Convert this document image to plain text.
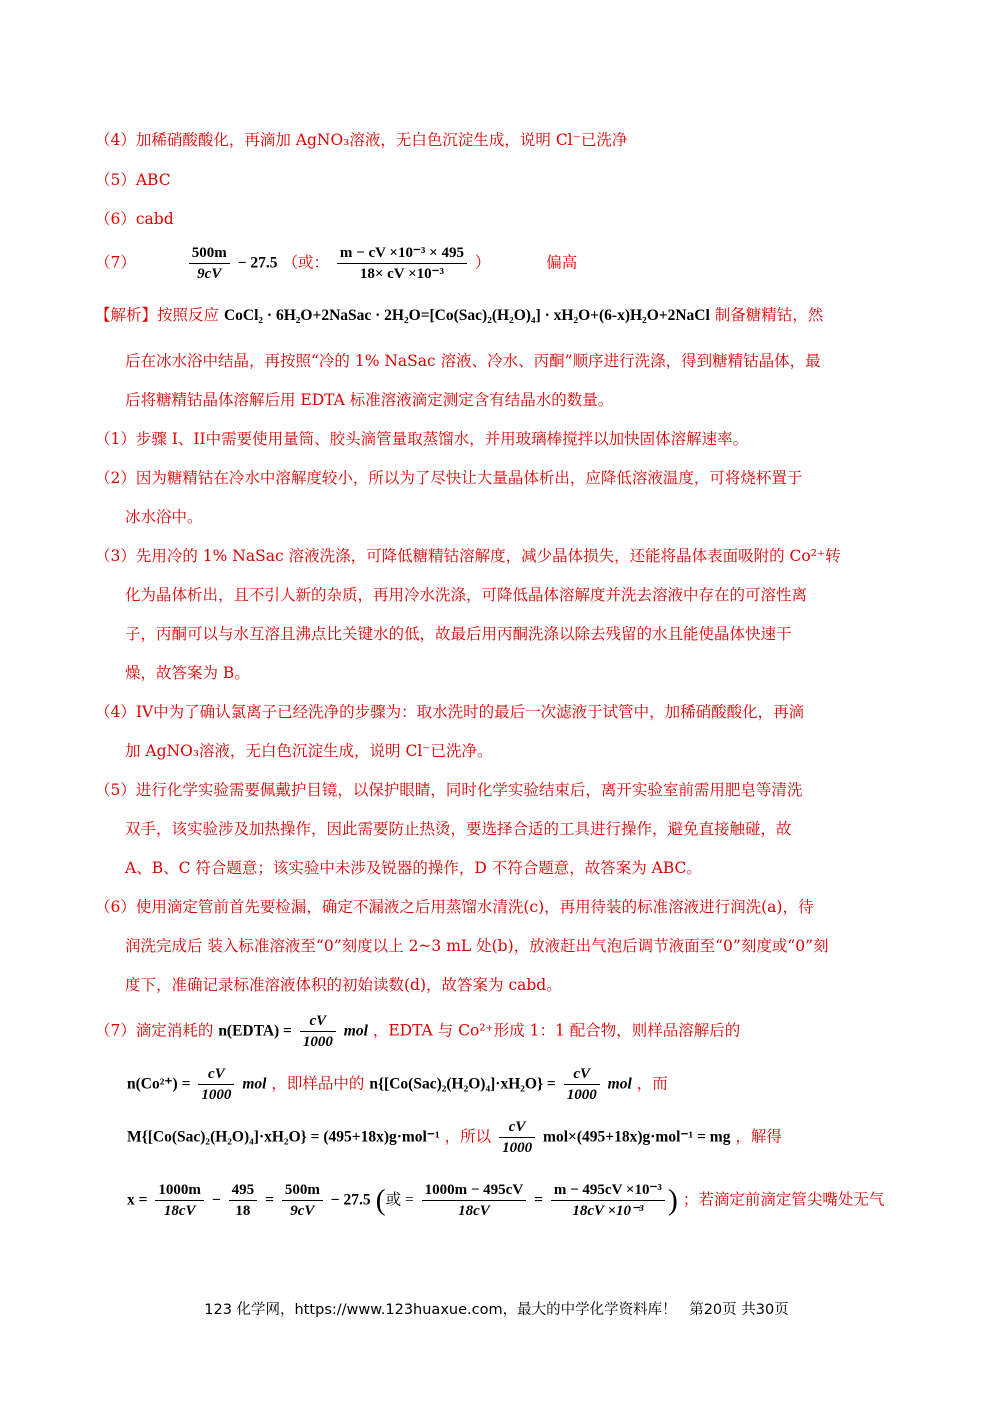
（4）加稀硝酸酸化，再滴加 AgNO₃溶液，无白色沉淀生成，说明 Cl⁻已洗净
（5）ABC
（6）cabd
（7）	$\frac{500m}{9cV} - 27.5$ （或： $\frac{\text{m − cV ×10⁻³ × 495}}{\text{18× cV ×10⁻³}}$ ）	偏高
【解析】按照反应 CoCl₂ · 6H₂O+2NaSac · 2H₂O=[Co(Sac)₂(H₂O)₄] · xH₂O+(6-x)H₂O+2NaCl 制备糖精钴，然
后在冰水浴中结晶，再按照“冷的 1% NaSac 溶液、冷水、丙酮”顺序进行洗涤，得到糖精钴晶体，最
后将糖精钴晶体溶解后用 EDTA 标准溶液滴定测定含有结晶水的数量。
（1）步骤 I、II中需要使用量筒、胶头滴管量取蒸馏水，并用玻璃棒搅拌以加快固体溶解速率。
（2）因为糖精钴在冷水中溶解度较小，所以为了尽快让大量晶体析出，应降低溶液温度，可将烧杯置于
冰水浴中。
（3）先用冷的 1% NaSac 溶液洗涤，可降低糖精钴溶解度，减少晶体损失，还能将晶体表面吸附的 Co²⁺转
化为晶体析出，且不引人新的杂质，再用冷水洗涤，可降低晶体溶解度并洗去溶液中存在的可溶性离
子，丙酮可以与水互溶且沸点比关键水的低，故最后用丙酮洗涤以除去残留的水且能使晶体快速干
燥，故答案为 B。
（4）IV中为了确认氯离子已经洗净的步骤为：取水洗时的最后一次滤液于试管中，加稀硝酸酸化，再滴
加 AgNO₃溶液，无白色沉淀生成，说明 Cl⁻已洗净。
（5）进行化学实验需要佩戴护目镜，以保护眼睛，同时化学实验结束后，离开实验室前需用肥皂等清洗
双手，该实验涉及加热操作，因此需要防止热烫，要选择合适的工具进行操作，避免直接触碰，故
A、B、C 符合题意；该实验中未涉及锐器的操作，D 不符合题意，故答案为 ABC。
（6）使用滴定管前首先要检漏，确定不漏液之后用蒸馏水清洗(c)，再用待装的标准溶液进行润洗(a)，待
润洗完成后 装入标准溶液至“0”刻度以上 2~3 mL 处(b)，放液赶出气泡后调节液面至“0”刻度或“0”刻
度下，准确记录标准溶液体积的初始读数(d)，故答案为 cabd。
（7）滴定消耗的 n(EDTA) = $\frac{cV}{1000}$ mol ，EDTA 与 Co²⁺形成 1：1 配合物，则样品溶解后的
$n(Co^{2+}) = \frac{cV}{1000}$ mol ，即样品中的 $n\{[Co(Sac)_2(H_2O)_4]\cdot xH_2O\} = \frac{cV}{1000}$ mol ，而
M{[Co(Sac)₂(H₂O)₄]·xH₂O} = (495+18x)g·mol⁻¹ ，所以 $\frac{cV}{1000} mol\times(495+18x)g\cdot mol^{-1}$ = mg ，解得
$x = \frac{1000m}{18cV} - \frac{495}{18} = \frac{500m}{9cV} - 27.5$ (或 = $\frac{1000m - 495cV}{18cV} = \frac{\text{m − 495cV ×10⁻³}}{\text{18cV ×10⁻³}}$ ) ；若滴定前滴定管尖嘴处无气
123 化学网，https://www.123huaxue.com，最大的中学化学资料库！ 第20页 共30页
